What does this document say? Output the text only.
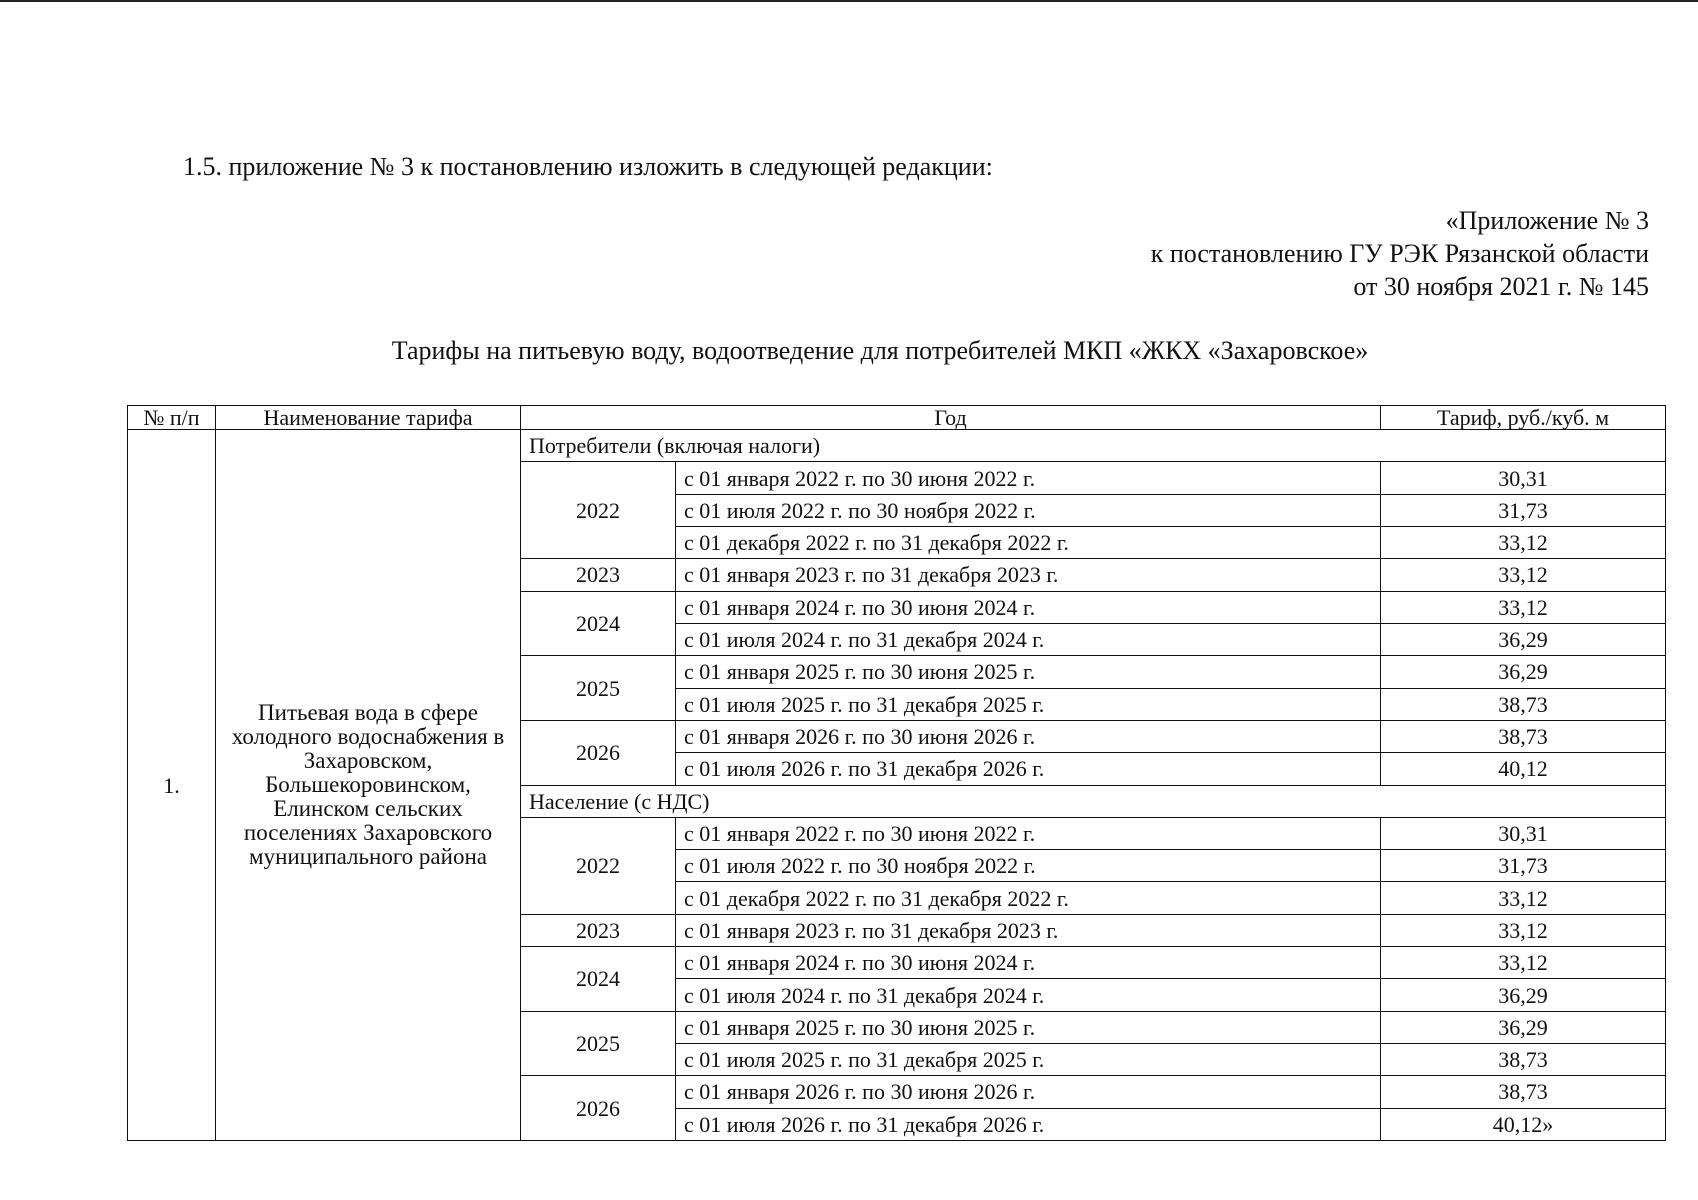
1.5. приложение № 3 к постановлению изложить в следующей редакции:
«Приложение № 3
к постановлению ГУ РЭК Рязанской области
от 30 ноября 2021 г. № 145
Тарифы на питьевую воду, водоотведение для потребителей МКП «ЖКХ «Захаровское»
№ п/п	Наименование тарифа	Год		Тариф, руб./куб. м
1.	Питьевая вода в сфере холодного водоснабжения в Захаровском, Большекоровинском, Елинском сельских поселениях Захаровского муниципального района	Потребители (включая налоги)		
		2022	с 01 января 2022 г. по 30 июня 2022 г.	30,31
			с 01 июля 2022 г. по 30 ноября 2022 г.	31,73
			с 01 декабря 2022 г. по 31 декабря 2022 г.	33,12
		2023	с 01 января 2023 г. по 31 декабря 2023 г.	33,12
		2024	с 01 января 2024 г. по 30 июня 2024 г.	33,12
			с 01 июля 2024 г. по 31 декабря 2024 г.	36,29
		2025	с 01 января 2025 г. по 30 июня 2025 г.	36,29
			с 01 июля 2025 г. по 31 декабря 2025 г.	38,73
		2026	с 01 января 2026 г. по 30 июня 2026 г.	38,73
			с 01 июля 2026 г. по 31 декабря 2026 г.	40,12
		Население (с НДС)		
		2022	с 01 января 2022 г. по 30 июня 2022 г.	30,31
			с 01 июля 2022 г. по 30 ноября 2022 г.	31,73
			с 01 декабря 2022 г. по 31 декабря 2022 г.	33,12
		2023	с 01 января 2023 г. по 31 декабря 2023 г.	33,12
		2024	с 01 января 2024 г. по 30 июня 2024 г.	33,12
			с 01 июля 2024 г. по 31 декабря 2024 г.	36,29
		2025	с 01 января 2025 г. по 30 июня 2025 г.	36,29
			с 01 июля 2025 г. по 31 декабря 2025 г.	38,73
		2026	с 01 января 2026 г. по 30 июня 2026 г.	38,73
			с 01 июля 2026 г. по 31 декабря 2026 г.	40,12»
